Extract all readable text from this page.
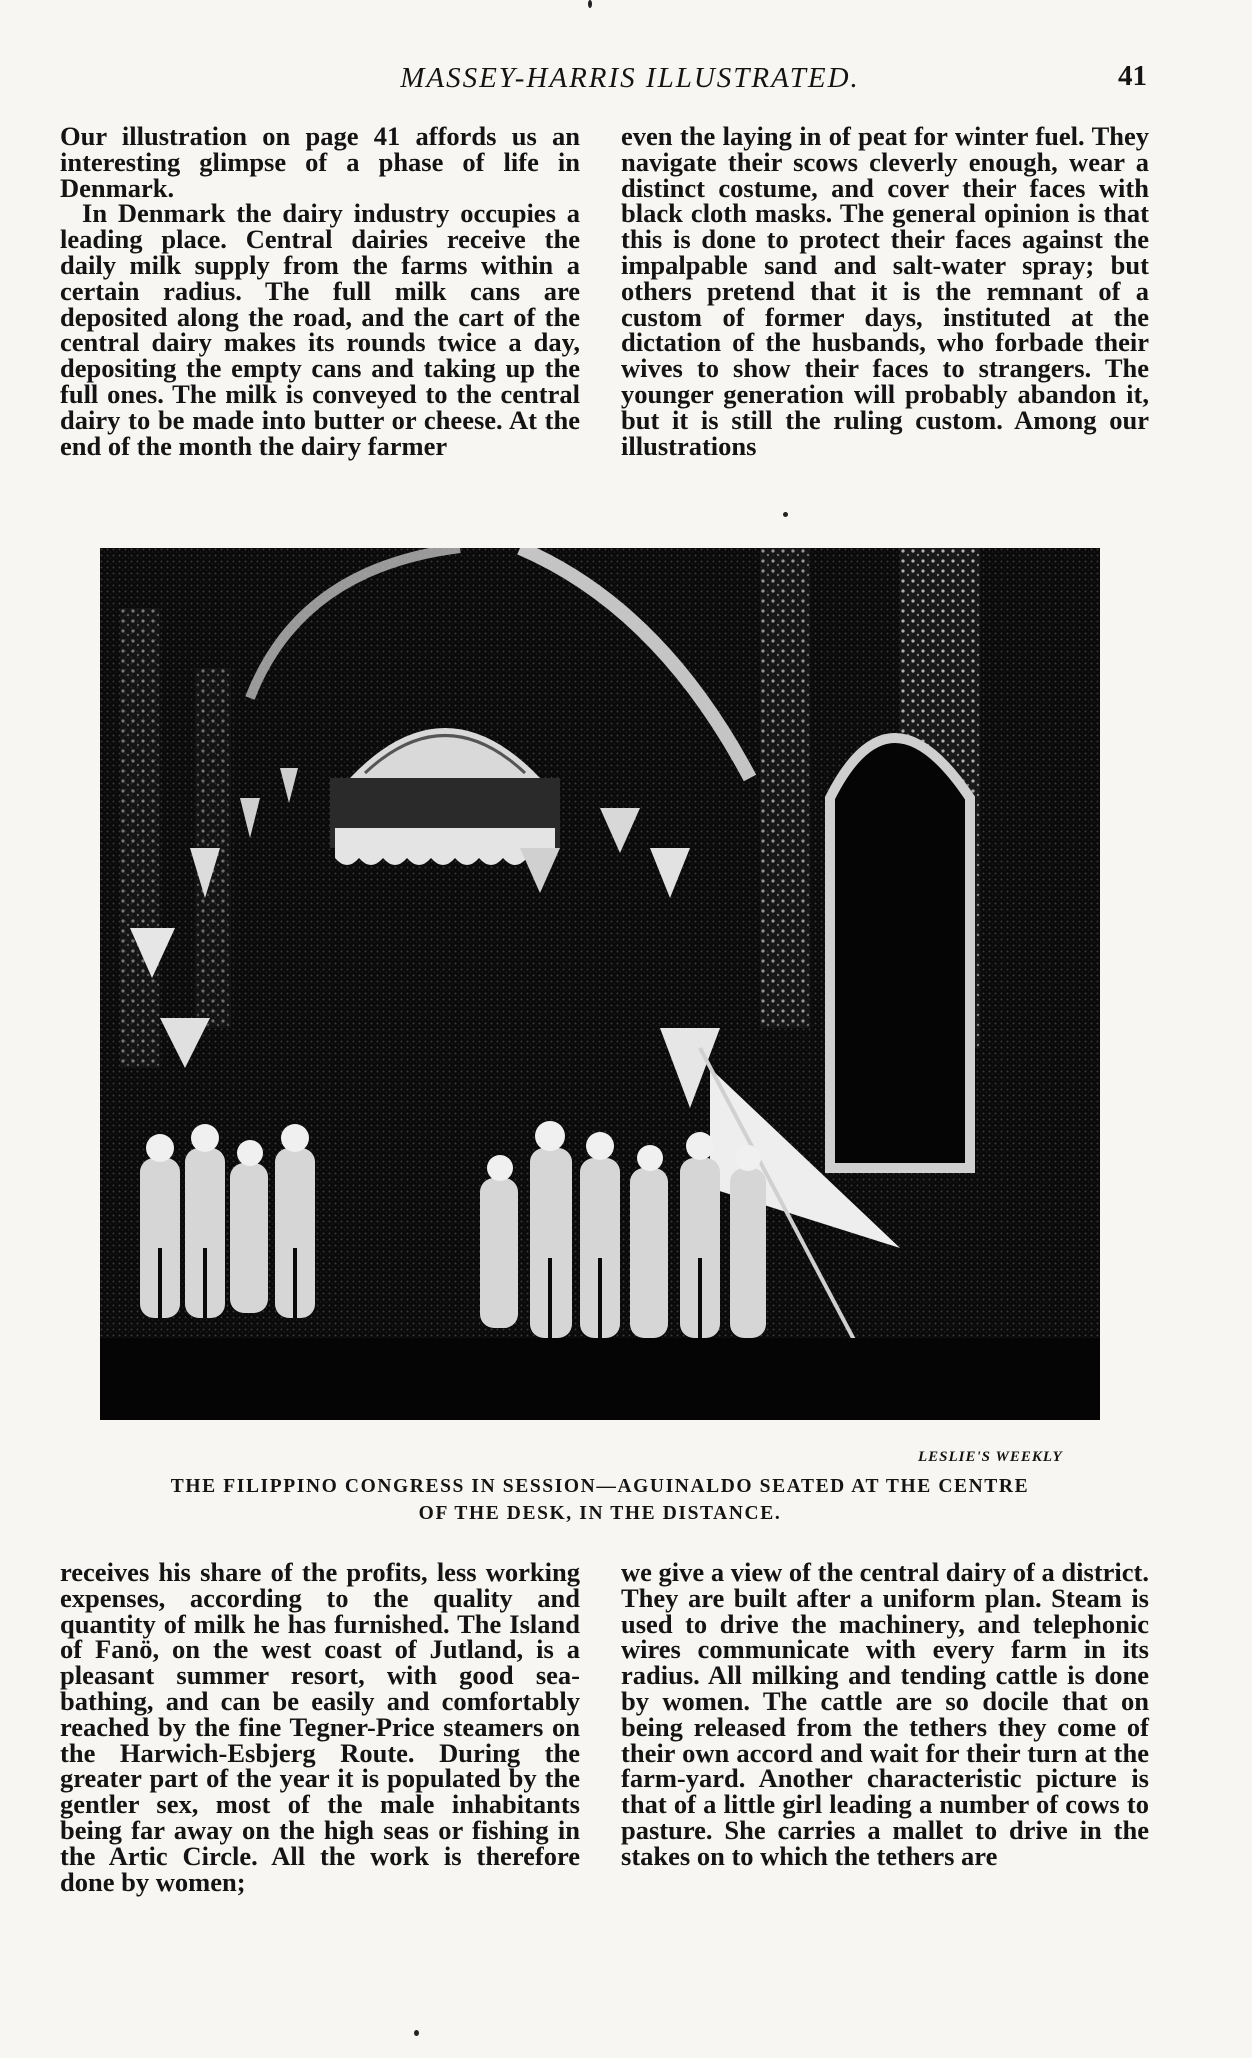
MASSEY-HARRIS ILLUSTRATED.	41

Our illustration on page 41 affords us an interesting glimpse of a phase of life in Denmark.

In Denmark the dairy industry occupies a leading place. Central dairies receive the daily milk supply from the farms within a certain radius. The full milk cans are deposited along the road, and the cart of the central dairy makes its rounds twice a day, depositing the empty cans and taking up the full ones. The milk is conveyed to the central dairy to be made into butter or cheese. At the end of the month the dairy farmer

even the laying in of peat for winter fuel. They navigate their scows cleverly enough, wear a distinct costume, and cover their faces with black cloth masks. The general opinion is that this is done to protect their faces against the impalpable sand and salt-water spray; but others pretend that it is the remnant of a custom of former days, instituted at the dictation of the husbands, who forbade their wives to show their faces to strangers. The younger generation will probably abandon it, but it is still the ruling custom. Among our illustrations

LESLIE'S WEEKLY
THE FILIPPINO CONGRESS IN SESSION—AGUINALDO SEATED AT THE CENTRE
OF THE DESK, IN THE DISTANCE.

receives his share of the profits, less working expenses, according to the quality and quantity of milk he has furnished. The Island of Fanö, on the west coast of Jutland, is a pleasant summer resort, with good sea-bathing, and can be easily and comfortably reached by the fine Tegner-Price steamers on the Harwich-Esbjerg Route. During the greater part of the year it is populated by the gentler sex, most of the male inhabitants being far away on the high seas or fishing in the Artic Circle. All the work is therefore done by women;

we give a view of the central dairy of a district. They are built after a uniform plan. Steam is used to drive the machinery, and telephonic wires communicate with every farm in its radius. All milking and tending cattle is done by women. The cattle are so docile that on being released from the tethers they come of their own accord and wait for their turn at the farm-yard. Another characteristic picture is that of a little girl leading a number of cows to pasture. She carries a mallet to drive in the stakes on to which the tethers are
